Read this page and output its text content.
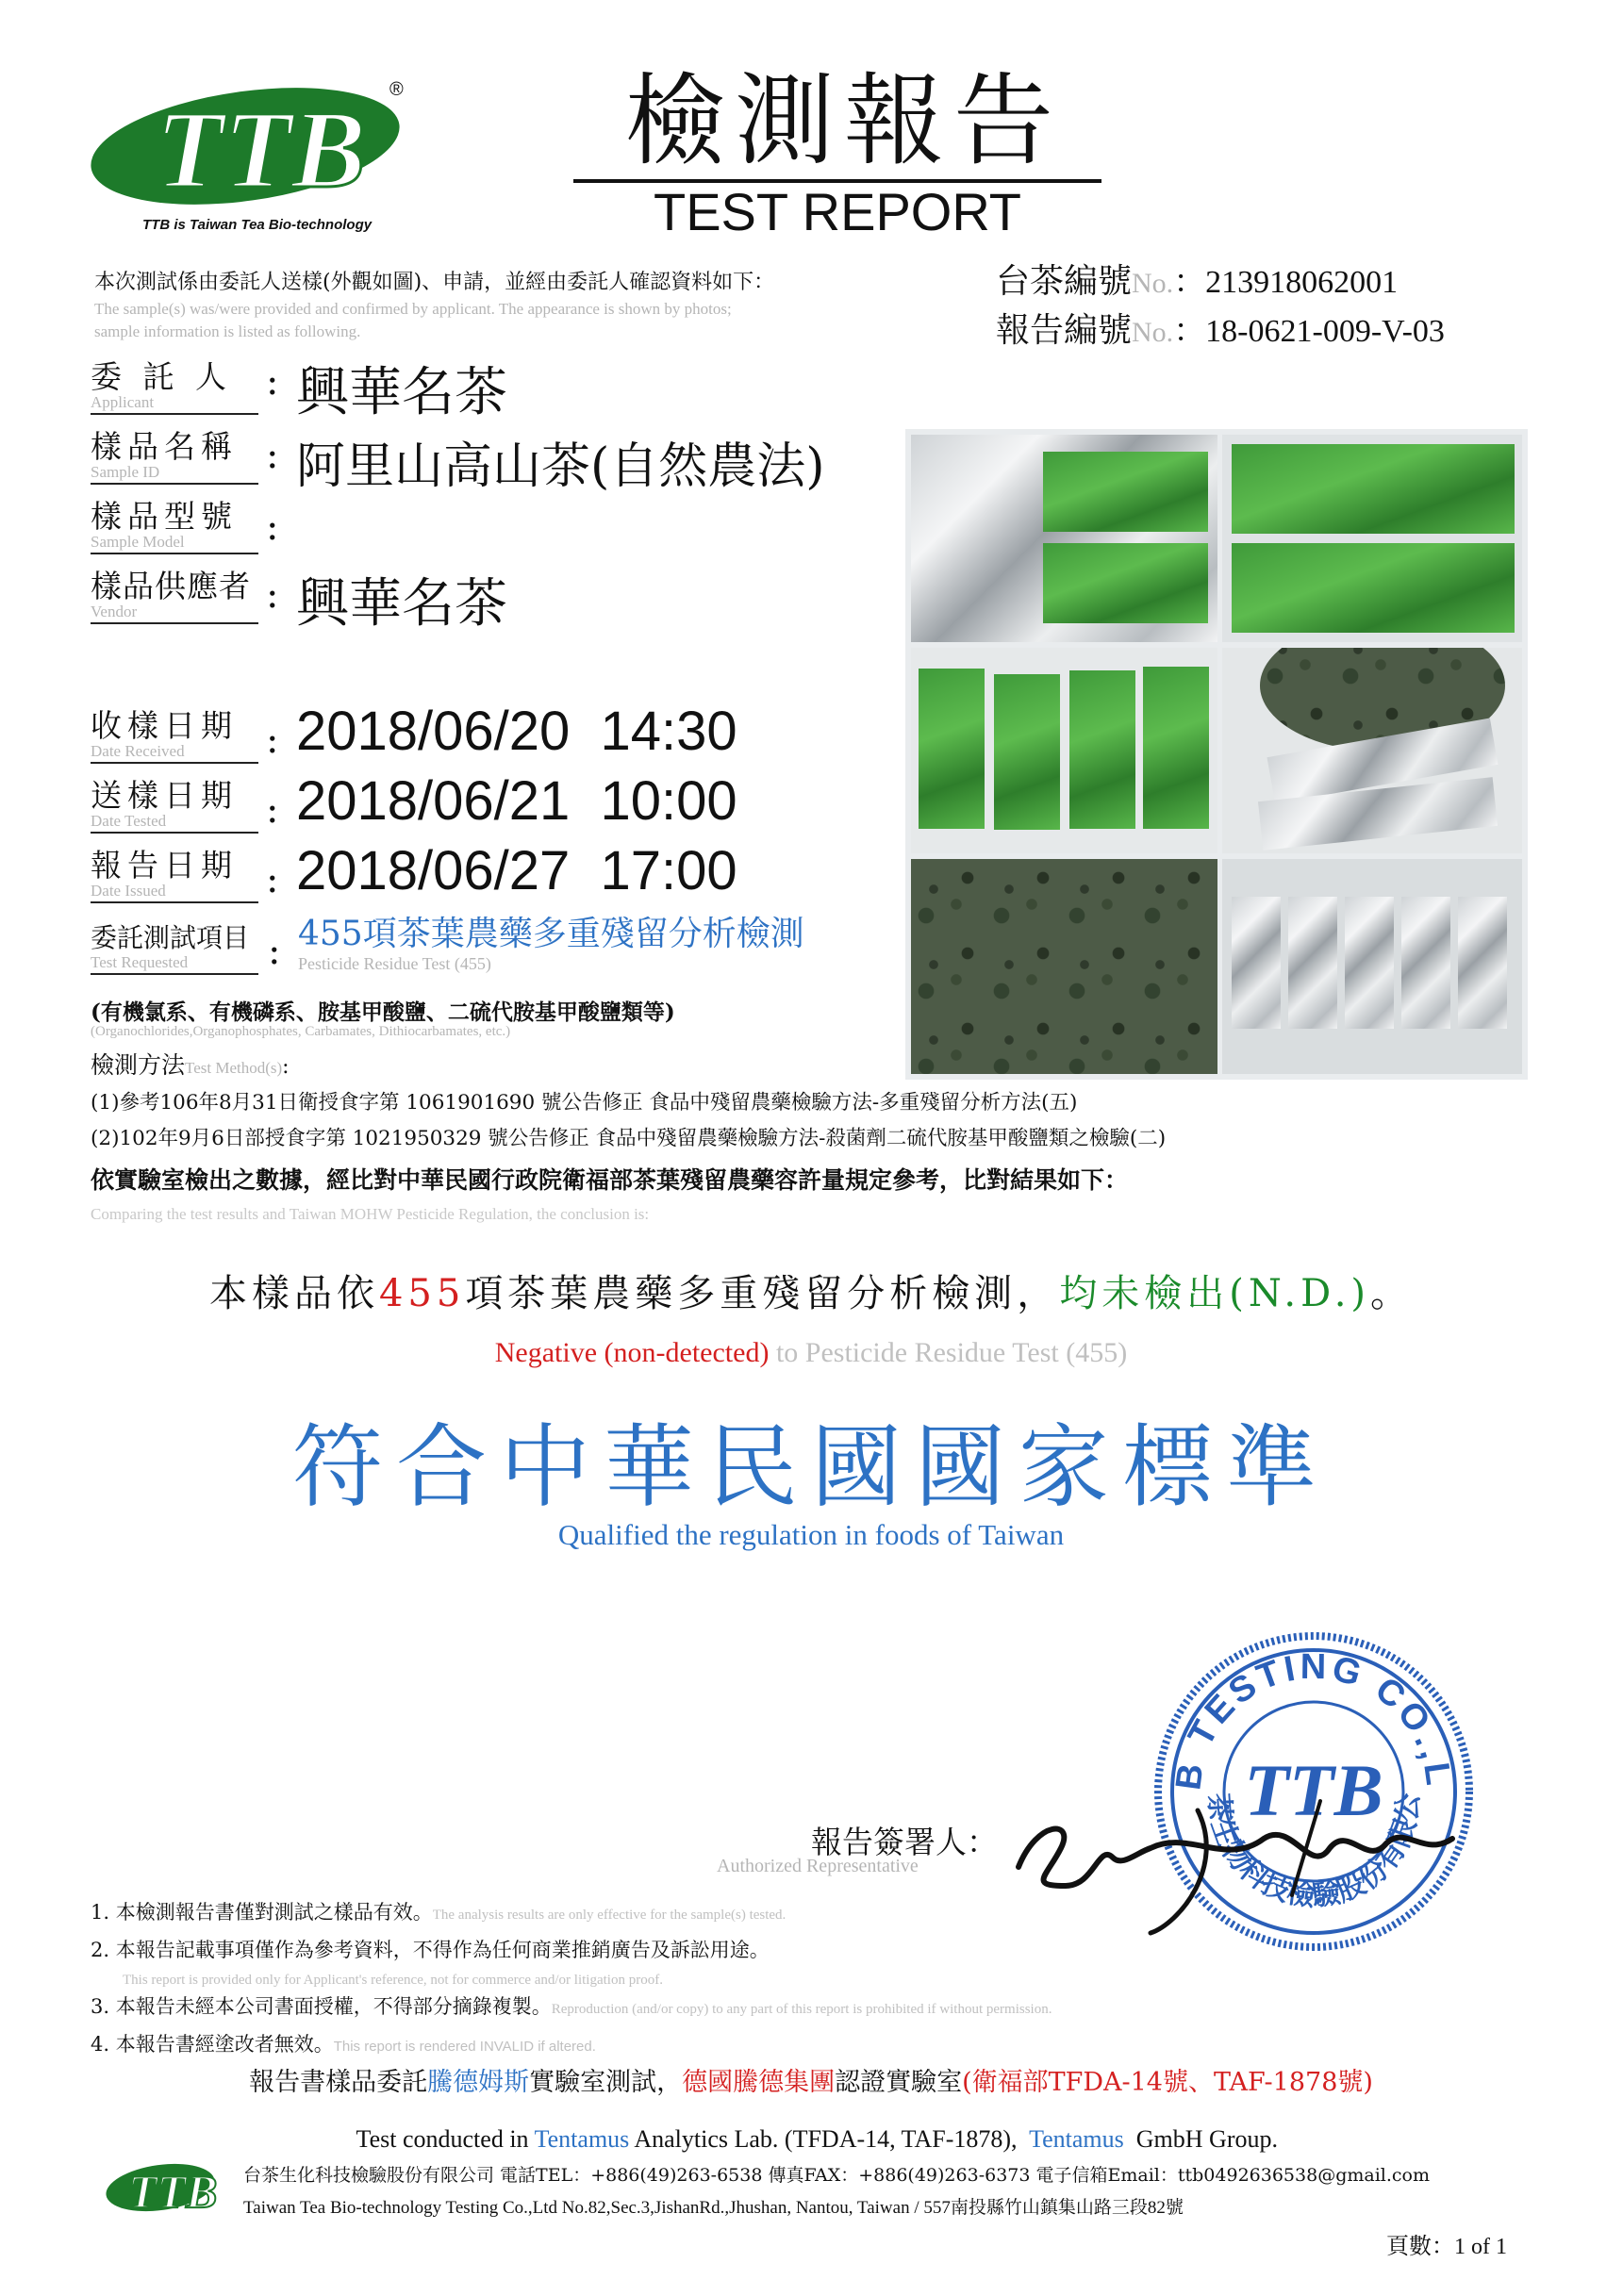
TTB ®
TTB is Taiwan Tea Bio-technology
檢測報告
TEST REPORT
本次測試係由委託人送樣(外觀如圖)、申請，並經由委託人確認資料如下：
The sample(s) was/were provided and confirmed by applicant. The appearance is shown by photos;
sample information is listed as following.
台茶編號No.：213918062001
報告編號No.：18-0621-009-V-03
委 託 人
Applicant	: 興華名茶
樣品名稱
Sample ID	: 阿里山高山茶(自然農法)
樣品型號
Sample Model	:
樣品供應者
Vendor	: 興華名茶
收樣日期
Date Received	: 2018/06/20  14:30
送樣日期
Date Tested	: 2018/06/21  10:00
報告日期
Date Issued	: 2018/06/27  17:00
委託測試項目
Test Requested	: 455項茶葉農藥多重殘留分析檢測
Pesticide Residue Test (455)
(有機氯系、有機磷系、胺基甲酸鹽、二硫代胺基甲酸鹽類等)
(Organochlorides,Organophosphates, Carbamates, Dithiocarbamates, etc.)
檢測方法Test Method(s):
(1)參考106年8月31日衛授食字第 1061901690 號公告修正 食品中殘留農藥檢驗方法-多重殘留分析方法(五)
(2)102年9月6日部授食字第 1021950329 號公告修正 食品中殘留農藥檢驗方法-殺菌劑二硫代胺基甲酸鹽類之檢驗(二)
依實驗室檢出之數據，經比對中華民國行政院衛福部茶葉殘留農藥容許量規定參考，比對結果如下：
Comparing the test results and Taiwan MOHW Pesticide Regulation, the conclusion is:
本樣品依455項茶葉農藥多重殘留分析檢測，均未檢出(N.D.)。
Negative (non-detected) to Pesticide Residue Test (455)
符合中華民國國家標準
Qualified the regulation in foods of Taiwan
B TESTING CO.,L
茶生物科技檢驗股份有限公
TTB
報告簽署人：
Authorized Representative
1. 本檢測報告書僅對測試之樣品有效。The analysis results are only effective for the sample(s) tested.
2. 本報告記載事項僅作為參考資料，不得作為任何商業推銷廣告及訴訟用途。
This report is provided only for Applicant's reference, not for commerce and/or litigation proof.
3. 本報告未經本公司書面授權，不得部分摘錄複製。Reproduction (and/or copy) to any part of this report is prohibited if without permission.
4. 本報告書經塗改者無效。This report is rendered INVALID if altered.
報告書樣品委託騰德姆斯實驗室測試，德國騰德集團認證實驗室(衛福部TFDA-14號、TAF-1878號)

Test conducted in Tentamus Analytics Lab. (TFDA-14, TAF-1878),  Tentamus  GmbH Group.

TTB 台茶生化科技檢驗股份有限公司 電話TEL：+886(49)263-6538 傳真FAX：+886(49)263-6373 電子信箱Email：ttb0492636538@gmail.com
Taiwan Tea Bio-technology Testing Co.,Ltd No.82,Sec.3,JishanRd.,Jhushan, Nantou, Taiwan / 557南投縣竹山鎮集山路三段82號
頁數：1 of 1
